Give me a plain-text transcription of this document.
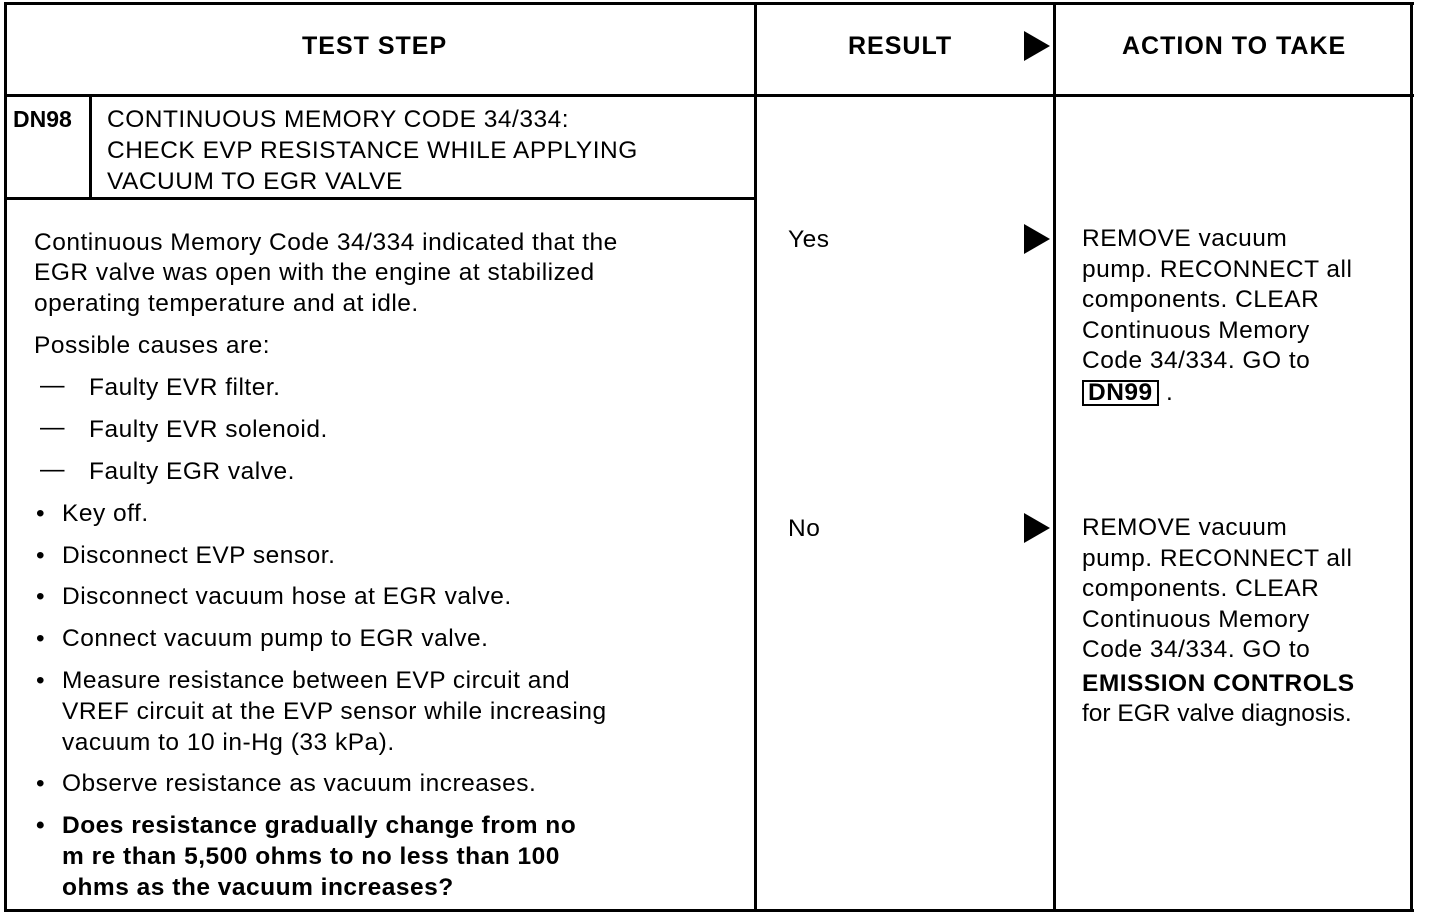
TEST STEP	RESULT	ACTION TO TAKE
DN98 CONTINUOUS MEMORY CODE 34/334:
CHECK EVP RESISTANCE WHILE APPLYING
VACUUM TO EGR VALVE
Continuous Memory Code 34/334 indicated that the
EGR valve was open with the engine at stabilized
operating temperature and at idle.
Possible causes are:
— Faulty EVR filter.
— Faulty EVR solenoid.
— Faulty EGR valve.
• Key off.
• Disconnect EVP sensor.
• Disconnect vacuum hose at EGR valve.
• Connect vacuum pump to EGR valve.
• Measure resistance between EVP circuit and
VREF circuit at the EVP sensor while increasing
vacuum to 10 in-Hg (33 kPa).
• Observe resistance as vacuum increases.
• Does resistance gradually change from no
m re than 5,500 ohms to no less than 100
ohms as the vacuum increases?
Yes	REMOVE vacuum
pump. RECONNECT all
components. CLEAR
Continuous Memory
Code 34/334. GO to
DN99 .
No	REMOVE vacuum
pump. RECONNECT all
components. CLEAR
Continuous Memory
Code 34/334. GO to
EMISSION CONTROLS
for EGR valve diagnosis.
